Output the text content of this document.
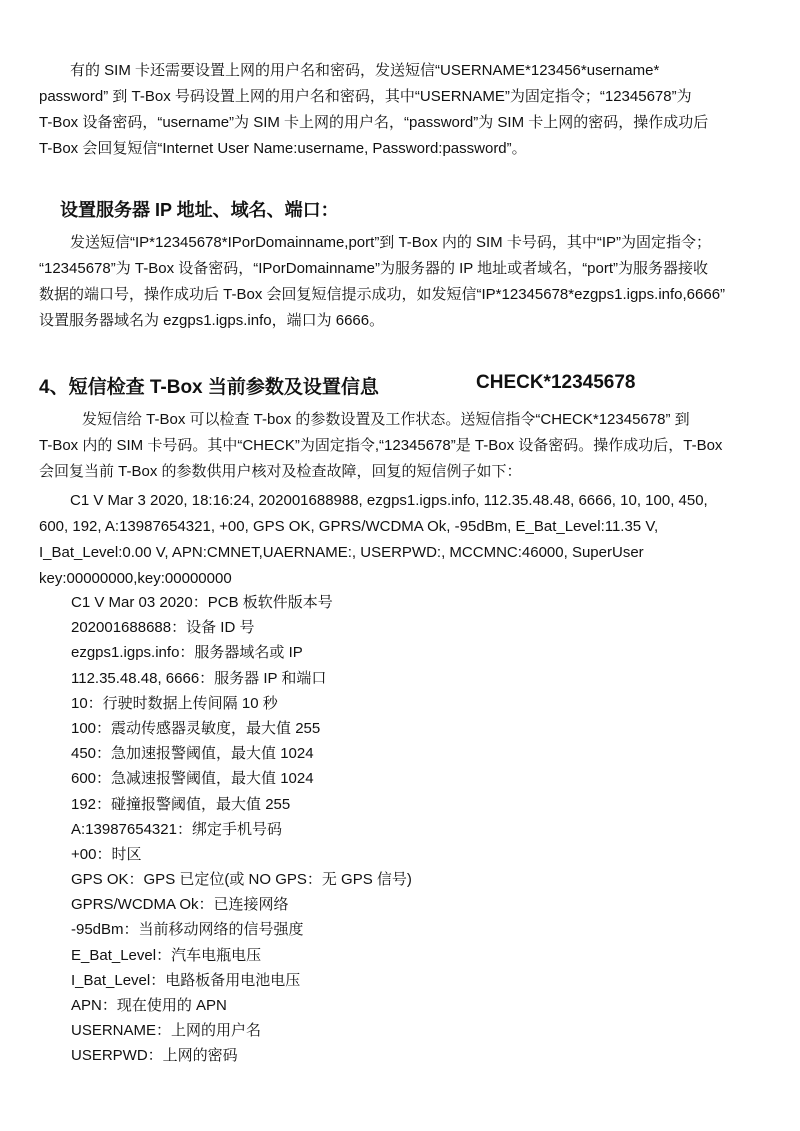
有的 SIM 卡还需要设置上网的用户名和密码，发送短信“USERNAME*123456*username*
password” 到 T-Box 号码设置上网的用户名和密码，其中“USERNAME”为固定指令；“12345678”为
T-Box 设备密码，“username”为 SIM 卡上网的用户名，“password”为 SIM 卡上网的密码，操作成功后
T-Box 会回复短信“Internet User Name:username, Password:password”。

设置服务器 IP 地址、域名、端口：

发送短信“IP*12345678*IPorDomainname,port”到 T-Box 内的 SIM 卡号码，其中“IP”为固定指令；
“12345678”为 T-Box 设备密码，“IPorDomainname”为服务器的 IP 地址或者域名，“port”为服务器接收
数据的端口号，操作成功后 T-Box 会回复短信提示成功，如发短信“IP*12345678*ezgps1.igps.info,6666”
设置服务器域名为 ezgps1.igps.info，端口为 6666。

4、短信检查 T-Box 当前参数及设置信息	CHECK*12345678

发短信给 T-Box 可以检查 T-box 的参数设置及工作状态。送短信指令“CHECK*12345678” 到
T-Box 内的 SIM 卡号码。其中“CHECK”为固定指令,“12345678”是 T-Box 设备密码。操作成功后，T-Box
会回复当前 T-Box 的参数供用户核对及检查故障，回复的短信例子如下：

C1 V Mar 3 2020, 18:16:24, 202001688988, ezgps1.igps.info, 112.35.48.48, 6666, 10, 100, 450,
600, 192, A:13987654321, +00, GPS OK, GPRS/WCDMA Ok, -95dBm, E_Bat_Level:11.35 V,
I_Bat_Level:0.00 V, APN:CMNET,UAERNAME:, USERPWD:, MCCMNC:46000, SuperUser
key:00000000,key:00000000

C1 V Mar 03 2020：PCB 板软件版本号
202001688688：设备 ID 号
ezgps1.igps.info：服务器域名或 IP
112.35.48.48, 6666：服务器 IP 和端口
10：行驶时数据上传间隔 10 秒
100：震动传感器灵敏度，最大值 255
450：急加速报警阈值，最大值 1024
600：急减速报警阈值，最大值 1024
192：碰撞报警阈值，最大值 255
A:13987654321：绑定手机号码
+00：时区
GPS OK：GPS 已定位(或 NO GPS：无 GPS 信号)
GPRS/WCDMA Ok：已连接网络
-95dBm：当前移动网络的信号强度
E_Bat_Level：汽车电瓶电压
I_Bat_Level：电路板备用电池电压
APN：现在使用的 APN
USERNAME：上网的用户名
USERPWD：上网的密码
